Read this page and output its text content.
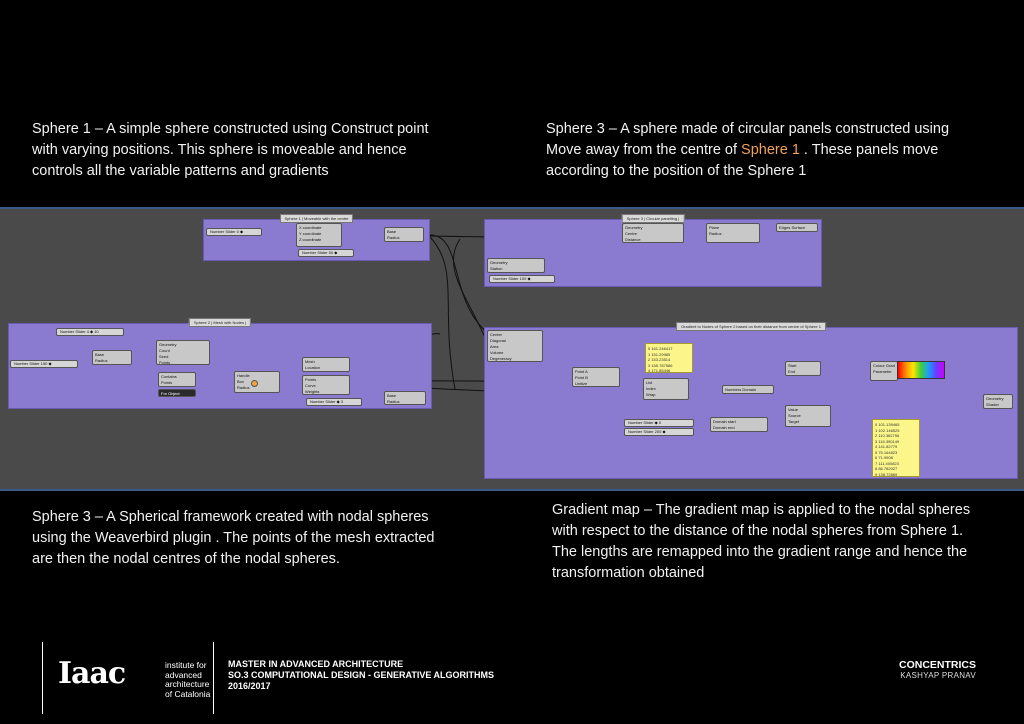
Sphere 1 – A simple sphere constructed using Construct point with varying positions. This sphere is moveable and hence controls all the variable patterns and gradients
Sphere 3 – A sphere made of circular panels constructed using Move away from the centre of Sphere 1 . These panels move according to the position of the Sphere 1
Sphere 1 | Moveable with the centre
Number Slider 0 ◆
X coordinate
Y coordinate
Z coordinate
Number Slider 50 ◆
Base
Radius
Sphere 3 | Circular panelling |
Geometry
Centre
Distance
Plane
Radius
Edges Surface
Geometry
Station
Number Slider 100 ◆
Sphere 2 | Mesh with Nodes |
Number Slider 4 ◆ 10
Number Slider 150 ◆
Base
Radius
Geometry
Count
Seed
Points
Contains
Points
For Object
Handle
Box
Radius
Mesh
Location
Points
Curve
Weights
Number Slider ◆ 3
Base
Radius
Gradient to Nodes of Sphere 2 based on their distance from centre of Sphere 1
Center
Diagonal
Area
Volume
Degeneracy
Point A
Point B
Unitize
0 161.246417
1 151.29985
2 153.23514
3 155.787586
4 171.85446
List
Index
Wrap
Numbers Domain
Start
End
Colour Grad
Parameter
Value
Source
Target
Number Slider ◆ 0
Number Slider 200 ◆
Domain start
Domain end
0 101.139465
1 102.146525
2 110.362796
3 116.390149
4 141.82779
5 75.164823
6 71.9908
7 111.400823
8 86.782027
9 138.72869
Geometry
Shader
Sphere 3 – A Spherical framework created with nodal spheres using the Weaverbird plugin . The points of the mesh extracted are then the nodal centres of the nodal spheres.
Gradient map – The gradient map is applied to the nodal spheres with respect to the distance of the nodal spheres from Sphere 1. The lengths are remapped into the gradient range and hence the transformation obtained
Iaac	institute for
advanced
architecture
of Catalonia
MASTER IN ADVANCED ARCHITECTURE
SO.3 COMPUTATIONAL DESIGN - GENERATIVE ALGORITHMS
2016/2017
CONCENTRICS
KASHYAP PRANAV
